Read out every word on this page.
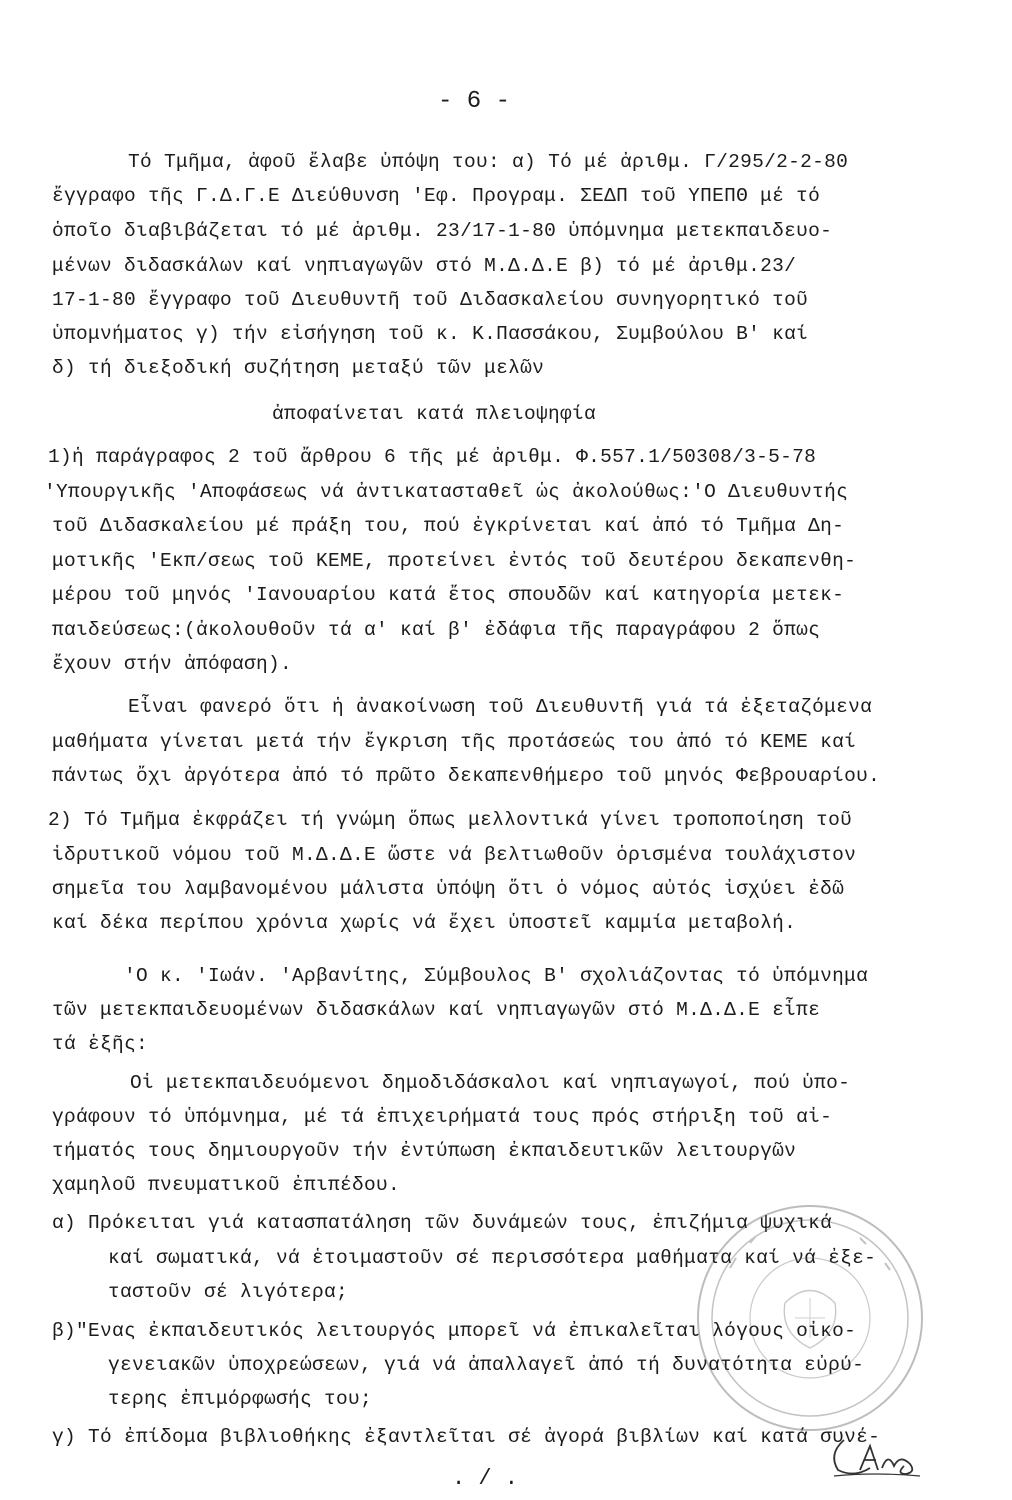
- 6 -
Τό Τμῆμα, ἀφοῦ ἔλαβε ὑπόψη του: α) Τό μέ ἀριθμ. Γ/295/2-2-80
ἔγγραφο τῆς Γ.Δ.Γ.Ε Διεύθυνση 'Εφ. Προγραμ. ΣΕΔΠ τοῦ ΥΠΕΠΘ μέ τό
ὁποῖο διαβιβάζεται τό μέ ἀριθμ. 23/17-1-80 ὑπόμνημα μετεκπαιδευο-
μένων διδασκάλων καί νηπιαγωγῶν στό Μ.Δ.Δ.Ε β) τό μέ ἀριθμ.23/
17-1-80 ἔγγραφο τοῦ Διευθυντῆ τοῦ Διδασκαλείου συνηγορητικό τοῦ
ὑπομνήματος γ) τήν εἰσήγηση τοῦ κ. Κ.Πασσάκου, Συμβούλου Β' καί
δ) τή διεξοδική συζήτηση μεταξύ τῶν μελῶν
ἀποφαίνεται κατά πλειοψηφία
1)ἡ παράγραφος 2 τοῦ ἄρθρου 6 τῆς μέ ἀριθμ. Φ.557.1/50308/3-5-78
'Υπουργικῆς 'Αποφάσεως νά ἀντικατασταθεῖ ὡς ἀκολούθως:'Ο Διευθυντής
τοῦ Διδασκαλείου μέ πράξη του, πού ἐγκρίνεται καί ἀπό τό Τμῆμα Δη-
μοτικῆς 'Εκπ/σεως τοῦ ΚΕΜΕ, προτείνει ἐντός τοῦ δευτέρου δεκαπενθη-
μέρου τοῦ μηνός 'Ιανουαρίου κατά ἔτος σπουδῶν καί κατηγορία μετεκ-
παιδεύσεως:(ἀκολουθοῦν τά α' καί β' ἐδάφια τῆς παραγράφου 2 ὅπως
ἔχουν στήν ἀπόφαση).
Εἶναι φανερό ὅτι ἡ ἀνακοίνωση τοῦ Διευθυντῆ γιά τά ἐξεταζόμενα
μαθήματα γίνεται μετά τήν ἔγκριση τῆς προτάσεώς του ἀπό τό ΚΕΜΕ καί
πάντως ὄχι ἀργότερα ἀπό τό πρῶτο δεκαπενθήμερο τοῦ μηνός Φεβρουαρίου.
2) Τό Τμῆμα ἐκφράζει τή γνώμη ὅπως μελλοντικά γίνει τροποποίηση τοῦ
ἱδρυτικοῦ νόμου τοῦ Μ.Δ.Δ.Ε ὥστε νά βελτιωθοῦν ὁρισμένα τουλάχιστον
σημεῖα του λαμβανομένου μάλιστα ὑπόψη ὅτι ὁ νόμος αὐτός ἰσχύει ἐδῶ
καί δέκα περίπου χρόνια χωρίς νά ἔχει ὑποστεῖ καμμία μεταβολή.
'Ο κ. 'Ιωάν. 'Αρβανίτης, Σύμβουλος Β' σχολιάζοντας τό ὑπόμνημα
τῶν μετεκπαιδευομένων διδασκάλων καί νηπιαγωγῶν στό Μ.Δ.Δ.Ε εἶπε
τά ἑξῆς:
Οἱ μετεκπαιδευόμενοι δημοδιδάσκαλοι καί νηπιαγωγοί, πού ὑπο-
γράφουν τό ὑπόμνημα, μέ τά ἐπιχειρήματά τους πρός στήριξη τοῦ αἰ-
τήματός τους δημιουργοῦν τήν ἐντύπωση ἐκπαιδευτικῶν λειτουργῶν
χαμηλοῦ πνευματικοῦ ἐπιπέδου.
α) Πρόκειται γιά κατασπατάληση τῶν δυνάμεών τους, ἐπιζήμια ψυχικά
καί σωματικά, νά ἑτοιμαστοῦν σέ περισσότερα μαθήματα καί νά ἐξε-
ταστοῦν σέ λιγότερα;
β)"Ενας ἐκπαιδευτικός λειτουργός μπορεῖ νά ἐπικαλεῖται λόγους οἰκο-
γενειακῶν ὑποχρεώσεων, γιά νά ἀπαλλαγεῖ ἀπό τή δυνατότητα εὐρύ-
τερης ἐπιμόρφωσής του;
γ) Τό ἐπίδομα βιβλιοθήκης ἐξαντλεῖται σέ ἀγορά βιβλίων καί κατά συνέ-
. / .
